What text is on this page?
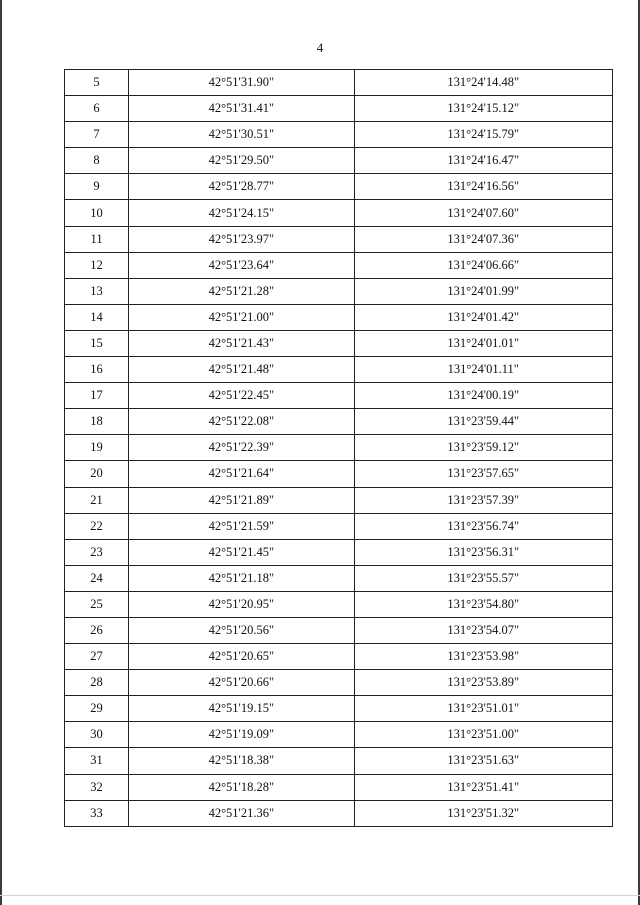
4
5	42°51'31.90"	131°24'14.48"
6	42°51'31.41"	131°24'15.12"
7	42°51'30.51"	131°24'15.79"
8	42°51'29.50"	131°24'16.47"
9	42°51'28.77"	131°24'16.56"
10	42°51'24.15"	131°24'07.60"
11	42°51'23.97"	131°24'07.36"
12	42°51'23.64"	131°24'06.66"
13	42°51'21.28"	131°24'01.99"
14	42°51'21.00"	131°24'01.42"
15	42°51'21.43"	131°24'01.01"
16	42°51'21.48"	131°24'01.11"
17	42°51'22.45"	131°24'00.19"
18	42°51'22.08"	131°23'59.44"
19	42°51'22.39"	131°23'59.12"
20	42°51'21.64"	131°23'57.65"
21	42°51'21.89"	131°23'57.39"
22	42°51'21.59"	131°23'56.74"
23	42°51'21.45"	131°23'56.31"
24	42°51'21.18"	131°23'55.57"
25	42°51'20.95"	131°23'54.80"
26	42°51'20.56"	131°23'54.07"
27	42°51'20.65"	131°23'53.98"
28	42°51'20.66"	131°23'53.89"
29	42°51'19.15"	131°23'51.01"
30	42°51'19.09"	131°23'51.00"
31	42°51'18.38"	131°23'51.63"
32	42°51'18.28"	131°23'51.41"
33	42°51'21.36"	131°23'51.32"
